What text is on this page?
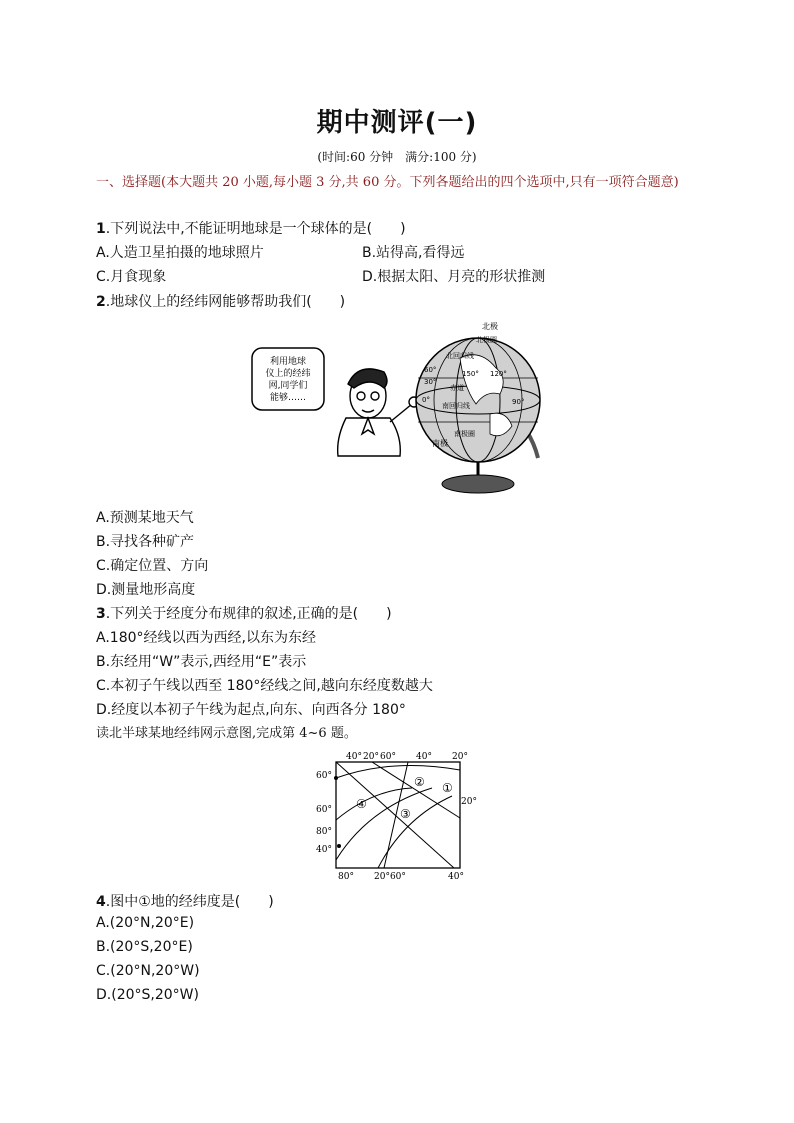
期中测评(一)
(时间:60 分钟　满分:100 分)
一、选择题(本大题共 20 小题,每小题 3 分,共 60 分。下列各题给出的四个选项中,只有一项符合题意)
1.下列说法中,不能证明地球是一个球体的是(　　)
A.人造卫星拍摄的地球照片	B.站得高,看得远
C.月食现象	D.根据太阳、月亮的形状推测
2.地球仪上的经纬网能够帮助我们(　　)
利用地球
仪上的经纬
网,同学们
能够……
北极
北极圈
北回归线
赤道
南回归线
南极圈
南极
60°
30°
0°
150° 120°
90°
A.预测某地天气
B.寻找各种矿产
C.确定位置、方向
D.测量地形高度
3.下列关于经度分布规律的叙述,正确的是(　　)
A.180°经线以西为西经,以东为东经
B.东经用“W”表示,西经用“E”表示
C.本初子午线以西至 180°经线之间,越向东经度数越大
D.经度以本初子午线为起点,向东、向西各分 180°
读北半球某地经纬网示意图,完成第 4~6 题。
40° 20° 60° 40° 20°
60°
60°
80°
40°
80° 20°60°	40°
20°
①
②
③
④
4.图中①地的经纬度是(　　)
A.(20°N,20°E)
B.(20°S,20°E)
C.(20°N,20°W)
D.(20°S,20°W)
